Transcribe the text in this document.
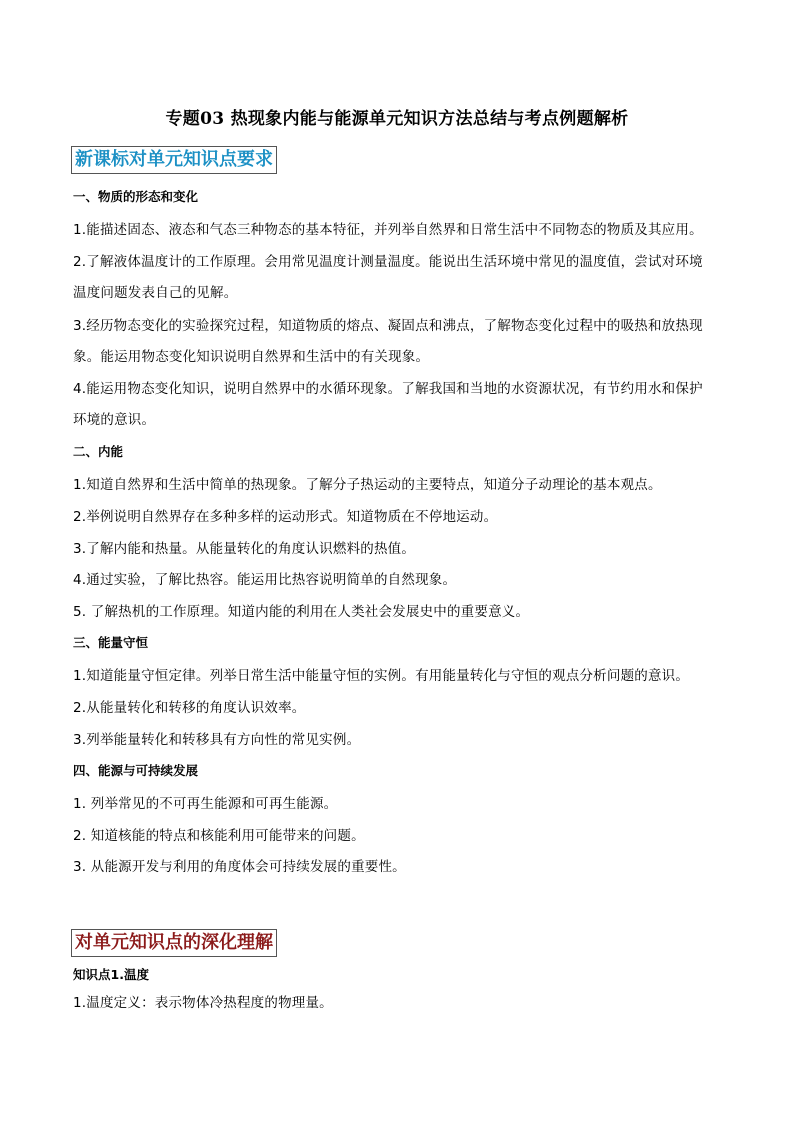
专题03 热现象内能与能源单元知识方法总结与考点例题解析
新课标对单元知识点要求
一、物质的形态和变化
1.能描述固态、液态和气态三种物态的基本特征，并列举自然界和日常生活中不同物态的物质及其应用。
2.了解液体温度计的工作原理。会用常见温度计测量温度。能说出生活环境中常见的温度值，尝试对环境
温度问题发表自己的见解。
3.经历物态变化的实验探究过程，知道物质的熔点、凝固点和沸点，了解物态变化过程中的吸热和放热现
象。能运用物态变化知识说明自然界和生活中的有关现象。
4.能运用物态变化知识，说明自然界中的水循环现象。了解我国和当地的水资源状况，有节约用水和保护
环境的意识。
二、内能
1.知道自然界和生活中简单的热现象。了解分子热运动的主要特点，知道分子动理论的基本观点。
2.举例说明自然界存在多种多样的运动形式。知道物质在不停地运动。
3.了解内能和热量。从能量转化的角度认识燃料的热值。
4.通过实验，了解比热容。能运用比热容说明简单的自然现象。
5. 了解热机的工作原理。知道内能的利用在人类社会发展史中的重要意义。
三、能量守恒
1.知道能量守恒定律。列举日常生活中能量守恒的实例。有用能量转化与守恒的观点分析问题的意识。
2.从能量转化和转移的角度认识效率。
3.列举能量转化和转移具有方向性的常见实例。
四、能源与可持续发展
1. 列举常见的不可再生能源和可再生能源。
2. 知道核能的特点和核能利用可能带来的问题。
3. 从能源开发与利用的角度体会可持续发展的重要性。
对单元知识点的深化理解
知识点1.温度
1.温度定义：表示物体冷热程度的物理量。
